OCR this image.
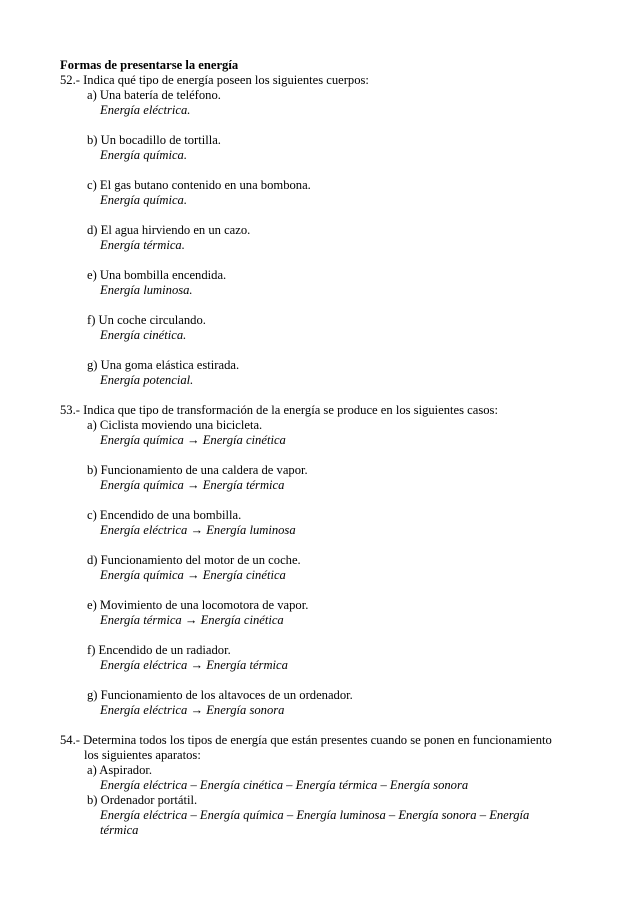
Formas de presentarse la energía
52.- Indica qué tipo de energía poseen los siguientes cuerpos:
a) Una batería de teléfono.
Energía eléctrica.
b) Un bocadillo de tortilla.
Energía química.
c) El gas butano contenido en una bombona.
Energía química.
d) El agua hirviendo en un cazo.
Energía térmica.
e) Una bombilla encendida.
Energía luminosa.
f) Un coche circulando.
Energía cinética.
g) Una goma elástica estirada.
Energía potencial.
53.- Indica que tipo de transformación de la energía se produce en los siguientes casos:
a) Ciclista moviendo una bicicleta.
Energía química → Energía cinética
b) Funcionamiento de una caldera de vapor.
Energía química → Energía térmica
c) Encendido de una bombilla.
Energía eléctrica → Energía luminosa
d) Funcionamiento del motor de un coche.
Energía química → Energía cinética
e) Movimiento de una locomotora de vapor.
Energía térmica → Energía cinética
f) Encendido de un radiador.
Energía eléctrica → Energía térmica
g) Funcionamiento de los altavoces de un ordenador.
Energía eléctrica → Energía sonora
54.- Determina todos los tipos de energía que están presentes cuando se ponen en funcionamiento
los siguientes aparatos:
a) Aspirador.
Energía eléctrica – Energía cinética – Energía térmica – Energía sonora
b) Ordenador portátil.
Energía eléctrica – Energía química – Energía luminosa – Energía sonora – Energía
térmica
